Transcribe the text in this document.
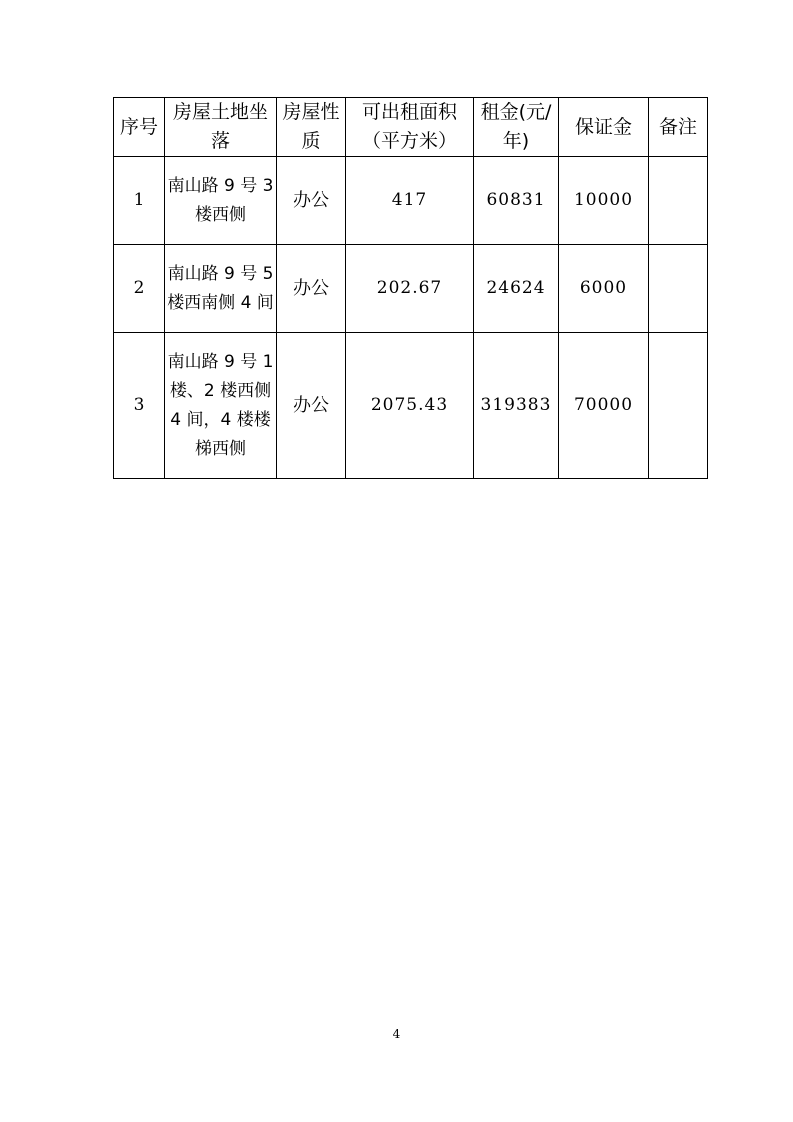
序号	房屋土地坐落	房屋性质	可出租面积（平方米）	租金(元/年)	保证金	备注
1	南山路 9 号 3 楼西侧	办公	417	60831	10000	
2	南山路 9 号 5 楼西南侧 4 间	办公	202.67	24624	6000	
3	南山路 9 号 1 楼、2 楼西侧 4 间，4 楼楼梯西侧	办公	2075.43	319383	70000	
4
